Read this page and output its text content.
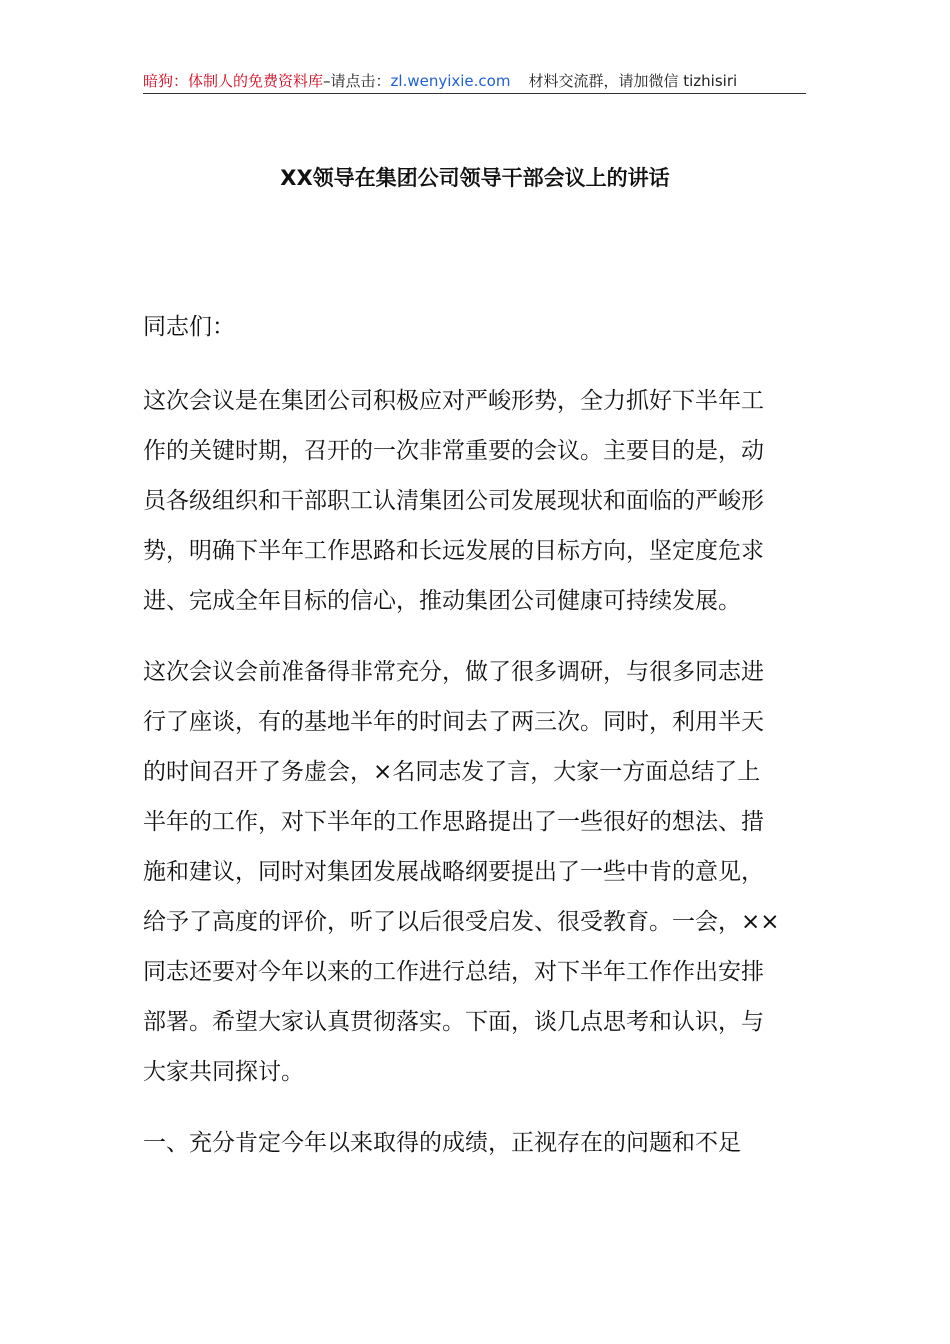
暗狗：体制人的免费资料库–请点击：zl.wenyixie.com 材料交流群，请加微信 tizhisiri
XX领导在集团公司领导干部会议上的讲话
同志们：
这次会议是在集团公司积极应对严峻形势，全力抓好下半年工
作的关键时期，召开的一次非常重要的会议。主要目的是，动
员各级组织和干部职工认清集团公司发展现状和面临的严峻形
势，明确下半年工作思路和长远发展的目标方向，坚定度危求
进、完成全年目标的信心，推动集团公司健康可持续发展。
这次会议会前准备得非常充分，做了很多调研，与很多同志进
行了座谈，有的基地半年的时间去了两三次。同时，利用半天
的时间召开了务虚会，×名同志发了言，大家一方面总结了上
半年的工作，对下半年的工作思路提出了一些很好的想法、措
施和建议，同时对集团发展战略纲要提出了一些中肯的意见，
给予了高度的评价，听了以后很受启发、很受教育。一会，××
同志还要对今年以来的工作进行总结，对下半年工作作出安排
部署。希望大家认真贯彻落实。下面，谈几点思考和认识，与
大家共同探讨。
一、充分肯定今年以来取得的成绩，正视存在的问题和不足
